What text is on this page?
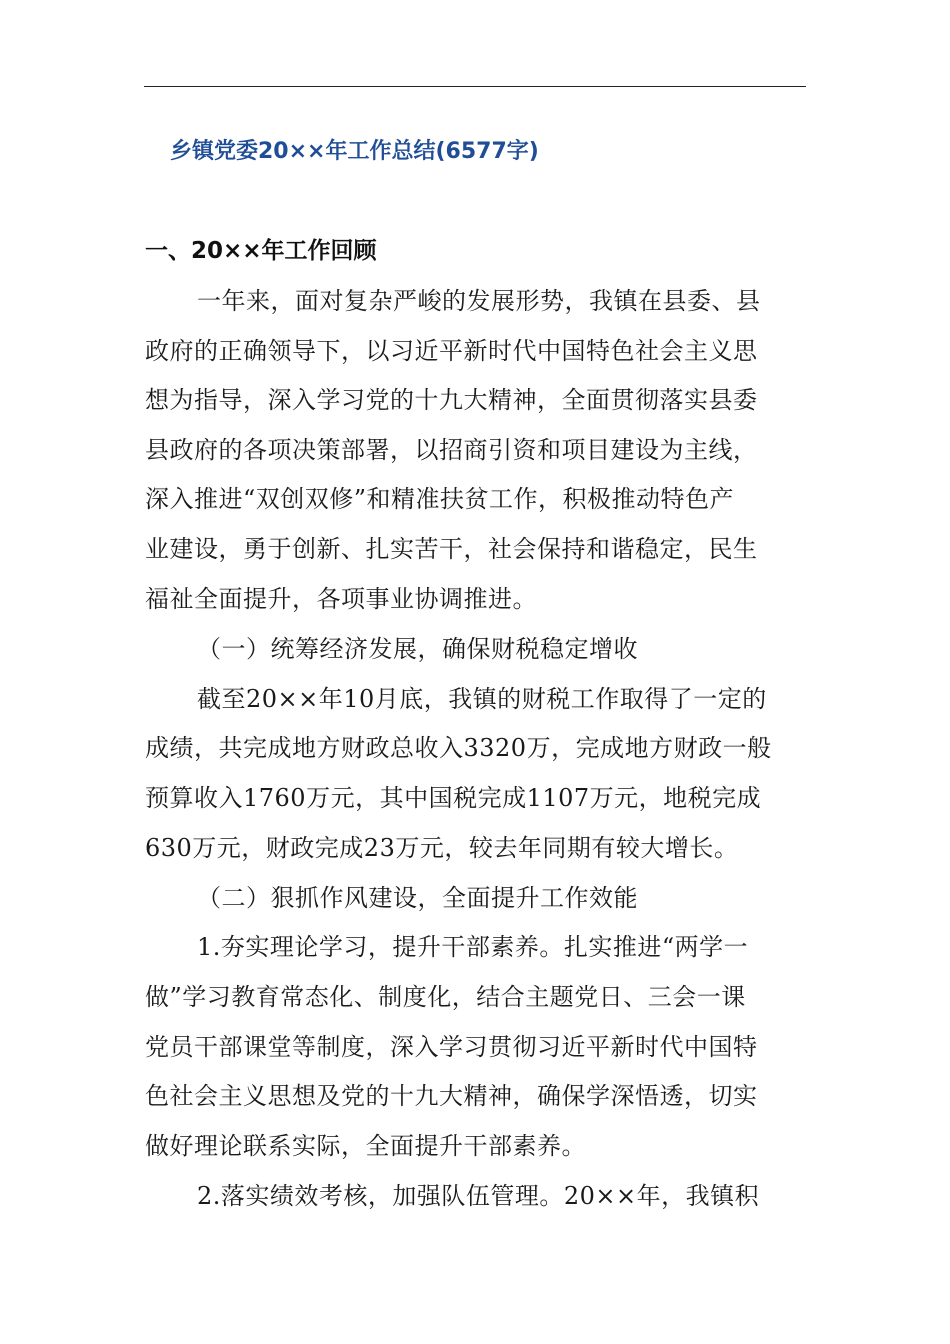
乡镇党委20××年工作总结(6577字)
一、20××年工作回顾
一年来，面对复杂严峻的发展形势，我镇在县委、县
政府的正确领导下，以习近平新时代中国特色社会主义思
想为指导，深入学习党的十九大精神，全面贯彻落实县委
县政府的各项决策部署，以招商引资和项目建设为主线，
深入推进“双创双修”和精准扶贫工作，积极推动特色产
业建设，勇于创新、扎实苦干，社会保持和谐稳定，民生
福祉全面提升，各项事业协调推进。
（一）统筹经济发展，确保财税稳定增收
截至20××年10月底，我镇的财税工作取得了一定的
成绩，共完成地方财政总收入3320万，完成地方财政一般
预算收入1760万元，其中国税完成1107万元，地税完成
630万元，财政完成23万元，较去年同期有较大增长。
（二）狠抓作风建设，全面提升工作效能
1.夯实理论学习，提升干部素养。扎实推进“两学一
做”学习教育常态化、制度化，结合主题党日、三会一课
党员干部课堂等制度，深入学习贯彻习近平新时代中国特
色社会主义思想及党的十九大精神，确保学深悟透，切实
做好理论联系实际，全面提升干部素养。
2.落实绩效考核，加强队伍管理。20××年，我镇积
